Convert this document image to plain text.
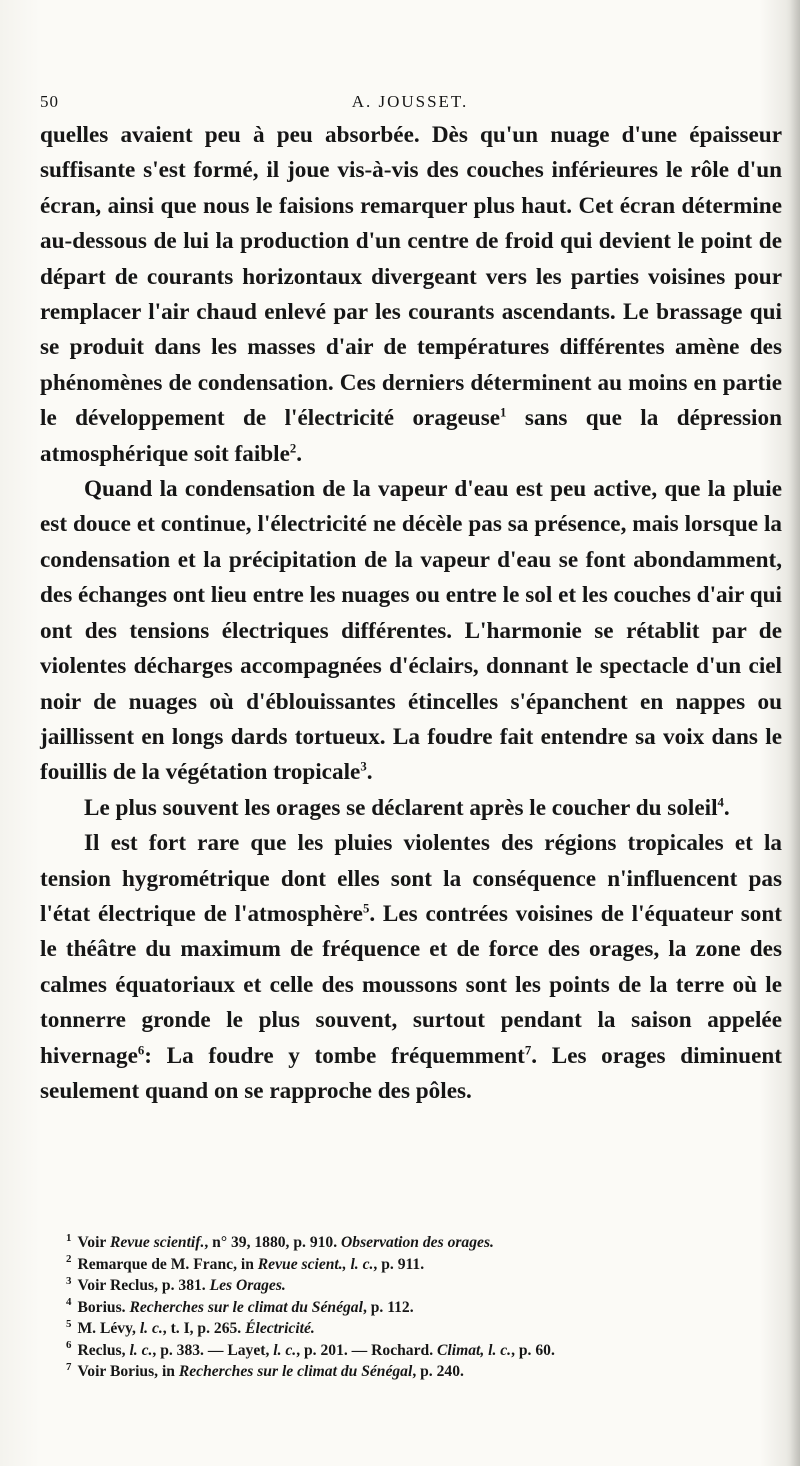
50	A. JOUSSET.

quelles avaient peu à peu absorbée. Dès qu'un nuage d'une épaisseur suffisante s'est formé, il joue vis-à-vis des couches inférieures le rôle d'un écran, ainsi que nous le faisions remarquer plus haut. Cet écran détermine au-dessous de lui la production d'un centre de froid qui devient le point de départ de courants horizontaux divergeant vers les parties voisines pour remplacer l'air chaud enlevé par les courants ascendants. Le brassage qui se produit dans les masses d'air de températures différentes amène des phénomènes de condensation. Ces derniers déterminent au moins en partie le développement de l'électricité orageuse$^1$ sans que la dépression atmosphérique soit faible$^2$.

Quand la condensation de la vapeur d'eau est peu active, que la pluie est douce et continue, l'électricité ne décèle pas sa présence, mais lorsque la condensation et la précipitation de la vapeur d'eau se font abondamment, des échanges ont lieu entre les nuages ou entre le sol et les couches d'air qui ont des tensions électriques différentes. L'harmonie se rétablit par de violentes décharges accompagnées d'éclairs, donnant le spectacle d'un ciel noir de nuages où d'éblouissantes étincelles s'épanchent en nappes ou jaillissent en longs dards tortueux. La foudre fait entendre sa voix dans le fouillis de la végétation tropicale$^3$.

Le plus souvent les orages se déclarent après le coucher du soleil$^4$.

Il est fort rare que les pluies violentes des régions tropicales et la tension hygrométrique dont elles sont la conséquence n'influencent pas l'état électrique de l'atmosphère$^5$. Les contrées voisines de l'équateur sont le théâtre du maximum de fréquence et de force des orages, la zone des calmes équatoriaux et celle des moussons sont les points de la terre où le tonnerre gronde le plus souvent, surtout pendant la saison appelée hivernage$^6$: La foudre y tombe fréquemment$^7$. Les orages diminuent seulement quand on se rapproche des pôles.

$^1$ Voir Revue scientif., n° 39, 1880, p. 910. Observation des orages.

$^2$ Remarque de M. Franc, in Revue scient., l. c., p. 911.

$^3$ Voir Reclus, p. 381. Les Orages.

$^4$ Borius. Recherches sur le climat du Sénégal, p. 112.

$^5$ M. Lévy, l. c., t. I, p. 265. Électricité.

$^6$ Reclus, l. c., p. 383. — Layet, l. c., p. 201. — Rochard. Climat, l. c., p. 60.

$^7$ Voir Borius, in Recherches sur le climat du Sénégal, p. 240.
